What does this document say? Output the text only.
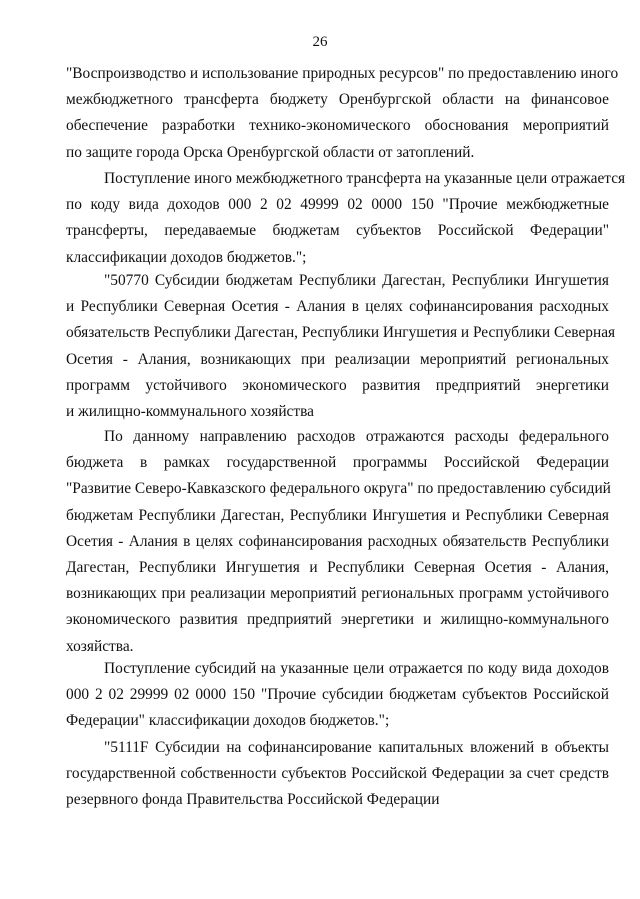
26
"Воспроизводство и использование природных ресурсов" по предоставлению иного
межбюджетного трансферта бюджету Оренбургской области на финансовое
обеспечение разработки технико-экономического обоснования мероприятий
по защите города Орска Оренбургской области от затоплений.
Поступление иного межбюджетного трансферта на указанные цели отражается
по коду вида доходов 000 2 02 49999 02 0000 150 "Прочие межбюджетные
трансферты, передаваемые бюджетам субъектов Российской Федерации"
классификации доходов бюджетов.";
"50770 Субсидии бюджетам Республики Дагестан, Республики Ингушетия
и Республики Северная Осетия - Алания в целях софинансирования расходных
обязательств Республики Дагестан, Республики Ингушетия и Республики Северная
Осетия - Алания, возникающих при реализации мероприятий региональных
программ устойчивого экономического развития предприятий энергетики
и жилищно-коммунального хозяйства
По данному направлению расходов отражаются расходы федерального
бюджета в рамках государственной программы Российской Федерации
"Развитие Северо-Кавказского федерального округа" по предоставлению субсидий
бюджетам Республики Дагестан, Республики Ингушетия и Республики Северная
Осетия - Алания в целях софинансирования расходных обязательств Республики
Дагестан, Республики Ингушетия и Республики Северная Осетия - Алания,
возникающих при реализации мероприятий региональных программ устойчивого
экономического развития предприятий энергетики и жилищно-коммунального
хозяйства.
Поступление субсидий на указанные цели отражается по коду вида доходов
000 2 02 29999 02 0000 150 "Прочие субсидии бюджетам субъектов Российской
Федерации" классификации доходов бюджетов.";
"5111F Субсидии на софинансирование капитальных вложений в объекты
государственной собственности субъектов Российской Федерации за счет средств
резервного фонда Правительства Российской Федерации
